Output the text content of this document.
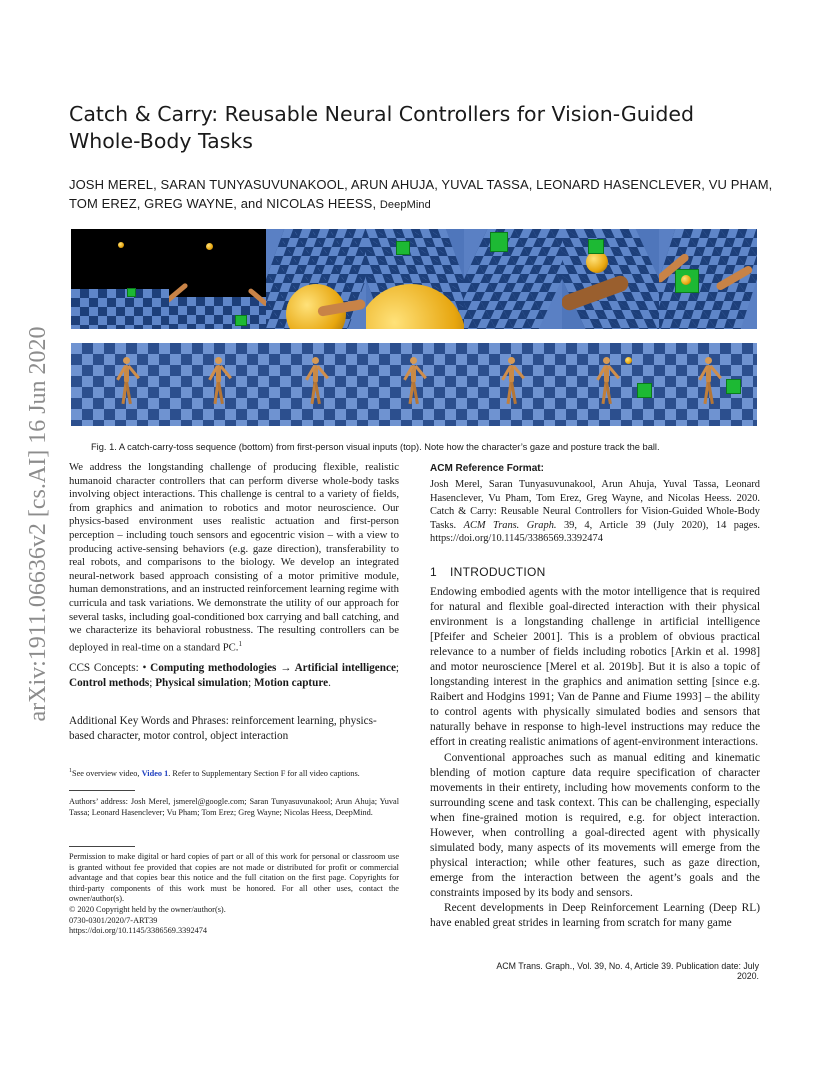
arXiv:1911.06636v2 [cs.AI] 16 Jun 2020
Catch & Carry: Reusable Neural Controllers for Vision-Guided Whole-Body Tasks
JOSH MEREL, SARAN TUNYASUVUNAKOOL, ARUN AHUJA, YUVAL TASSA, LEONARD HASENCLEVER, VU PHAM, TOM EREZ, GREG WAYNE, and NICOLAS HEESS, DeepMind
Fig. 1. A catch-carry-toss sequence (bottom) from first-person visual inputs (top). Note how the character’s gaze and posture track the ball.
We address the longstanding challenge of producing flexible, realistic humanoid character controllers that can perform diverse whole-body tasks involving object interactions. This challenge is central to a variety of fields, from graphics and animation to robotics and motor neuroscience. Our physics-based environment uses realistic actuation and first-person perception – including touch sensors and egocentric vision – with a view to producing active-sensing behaviors (e.g. gaze direction), transferability to real robots, and comparisons to the biology. We develop an integrated neural-network based approach consisting of a motor primitive module, human demonstrations, and an instructed reinforcement learning regime with curricula and task variations. We demonstrate the utility of our approach for several tasks, including goal-conditioned box carrying and ball catching, and we characterize its behavioral robustness. The resulting controllers can be deployed in real-time on a standard PC.$^1$
CCS Concepts: • Computing methodologies → Artificial intelligence; Control methods; Physical simulation; Motion capture.
Additional Key Words and Phrases: reinforcement learning, physics-based character, motor control, object interaction
$^1$See overview video, Video 1. Refer to Supplementary Section F for all video captions.
Authors’ address: Josh Merel, jsmerel@google.com; Saran Tunyasuvunakool; Arun Ahuja; Yuval Tassa; Leonard Hasenclever; Vu Pham; Tom Erez; Greg Wayne; Nicolas Heess, DeepMind.
Permission to make digital or hard copies of part or all of this work for personal or classroom use is granted without fee provided that copies are not made or distributed for profit or commercial advantage and that copies bear this notice and the full citation on the first page. Copyrights for third-party components of this work must be honored. For all other uses, contact the owner/author(s).
© 2020 Copyright held by the owner/author(s).
0730-0301/2020/7-ART39
https://doi.org/10.1145/3386569.3392474
ACM Reference Format:
Josh Merel, Saran Tunyasuvunakool, Arun Ahuja, Yuval Tassa, Leonard Hasenclever, Vu Pham, Tom Erez, Greg Wayne, and Nicolas Heess. 2020. Catch & Carry: Reusable Neural Controllers for Vision-Guided Whole-Body Tasks. ACM Trans. Graph. 39, 4, Article 39 (July 2020), 14 pages. https://doi.org/10.1145/3386569.3392474
1 INTRODUCTION

Endowing embodied agents with the motor intelligence that is required for natural and flexible goal-directed interaction with their physical environment is a longstanding challenge in artificial intelligence [Pfeifer and Scheier 2001]. This is a problem of obvious practical relevance to a number of fields including robotics [Arkin et al. 1998] and motor neuroscience [Merel et al. 2019b]. But it is also a topic of longstanding interest in the graphics and animation setting [since e.g. Raibert and Hodgins 1991; Van de Panne and Fiume 1993] – the ability to control agents with physically simulated bodies and sensors that naturally behave in response to high-level instructions may reduce the effort in creating realistic animations of agent-environment interactions.

Conventional approaches such as manual editing and kinematic blending of motion capture data require specification of character movements in their entirety, including how movements conform to the surrounding scene and task context. This can be challenging, especially when fine-grained motion is required, e.g. for object interaction. However, when controlling a goal-directed agent with physically simulated body, many aspects of its movements will emerge from the physical interaction; while other features, such as gaze direction, emerge from the interaction between the agent’s goals and the constraints imposed by its body and sensors.

Recent developments in Deep Reinforcement Learning (Deep RL) have enabled great strides in learning from scratch for many game

ACM Trans. Graph., Vol. 39, No. 4, Article 39. Publication date: July 2020.
